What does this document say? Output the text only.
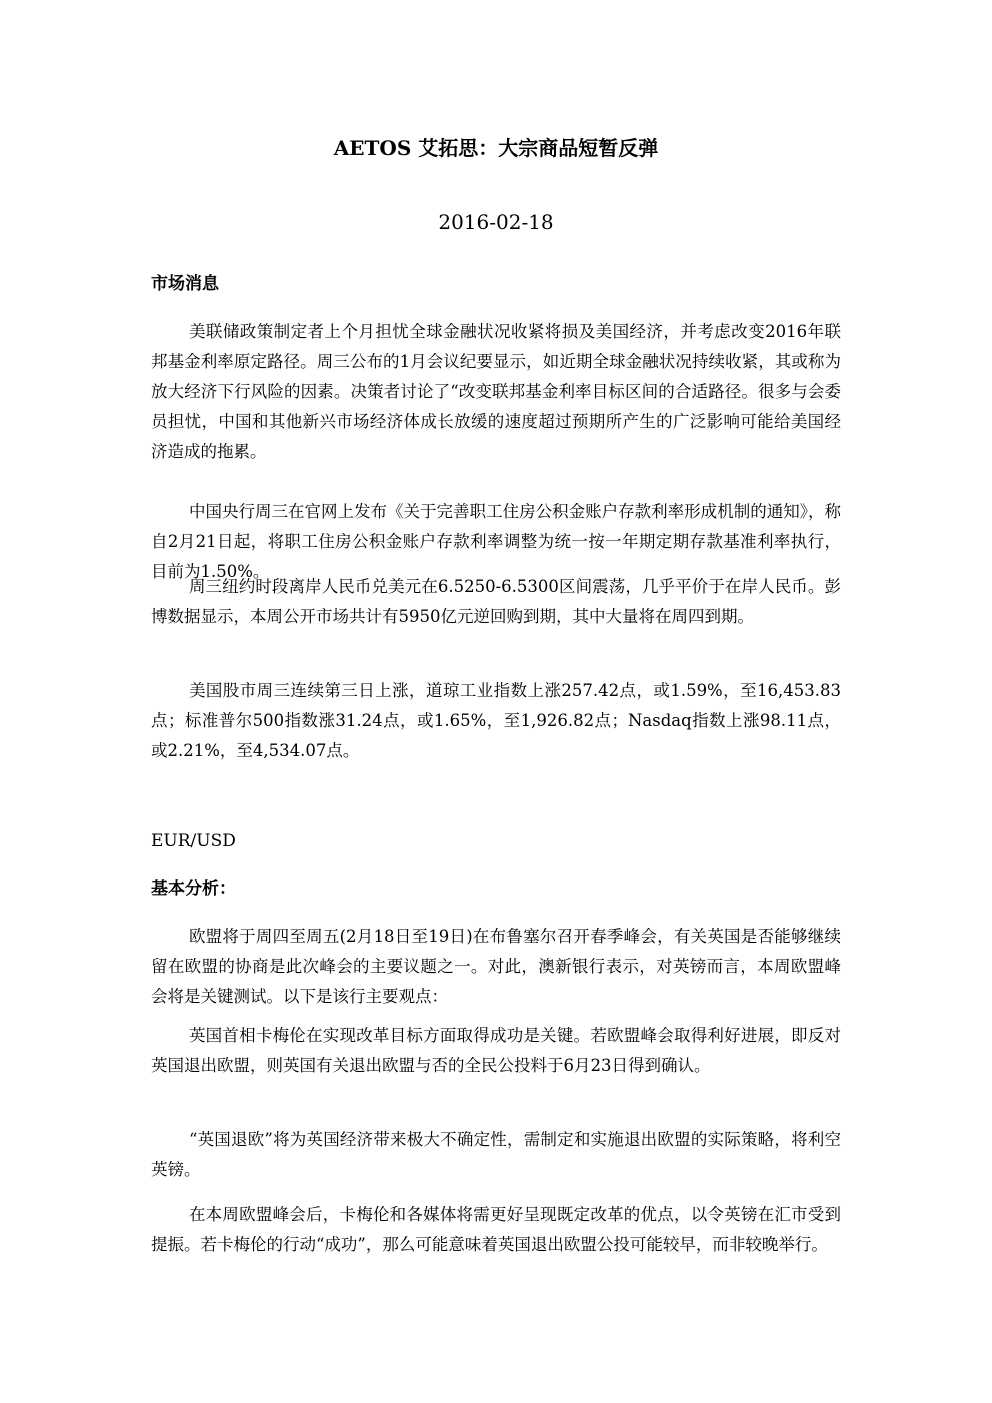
AETOS 艾拓思：大宗商品短暂反弹
2016-02-18
市场消息

美联储政策制定者上个月担忧全球金融状况收紧将损及美国经济，并考虑改变2016年联邦基金利率原定路径。周三公布的1月会议纪要显示，如近期全球金融状况持续收紧，其或称为放大经济下行风险的因素。决策者讨论了“改变联邦基金利率目标区间的合适路径。很多与会委员担忧，中国和其他新兴市场经济体成长放缓的速度超过预期所产生的广泛影响可能给美国经济造成的拖累。

中国央行周三在官网上发布《关于完善职工住房公积金账户存款利率形成机制的通知》，称自2月21日起，将职工住房公积金账户存款利率调整为统一按一年期定期存款基准利率执行，目前为1.50%。

周三纽约时段离岸人民币兑美元在6.5250-6.5300区间震荡，几乎平价于在岸人民币。彭博数据显示，本周公开市场共计有5950亿元逆回购到期，其中大量将在周四到期。

美国股市周三连续第三日上涨，道琼工业指数上涨257.42点，或1.59%，至16,453.83点；标准普尔500指数涨31.24点，或1.65%，至1,926.82点；Nasdaq指数上涨98.11点，或2.21%，至4,534.07点。

EUR/USD
基本分析：

欧盟将于周四至周五(2月18日至19日)在布鲁塞尔召开春季峰会，有关英国是否能够继续留在欧盟的协商是此次峰会的主要议题之一。对此，澳新银行表示，对英镑而言，本周欧盟峰会将是关键测试。以下是该行主要观点：

英国首相卡梅伦在实现改革目标方面取得成功是关键。若欧盟峰会取得利好进展，即反对英国退出欧盟，则英国有关退出欧盟与否的全民公投料于6月23日得到确认。

“英国退欧”将为英国经济带来极大不确定性，需制定和实施退出欧盟的实际策略，将利空英镑。

在本周欧盟峰会后，卡梅伦和各媒体将需更好呈现既定改革的优点，以令英镑在汇市受到提振。若卡梅伦的行动“成功”，那么可能意味着英国退出欧盟公投可能较早，而非较晚举行。
